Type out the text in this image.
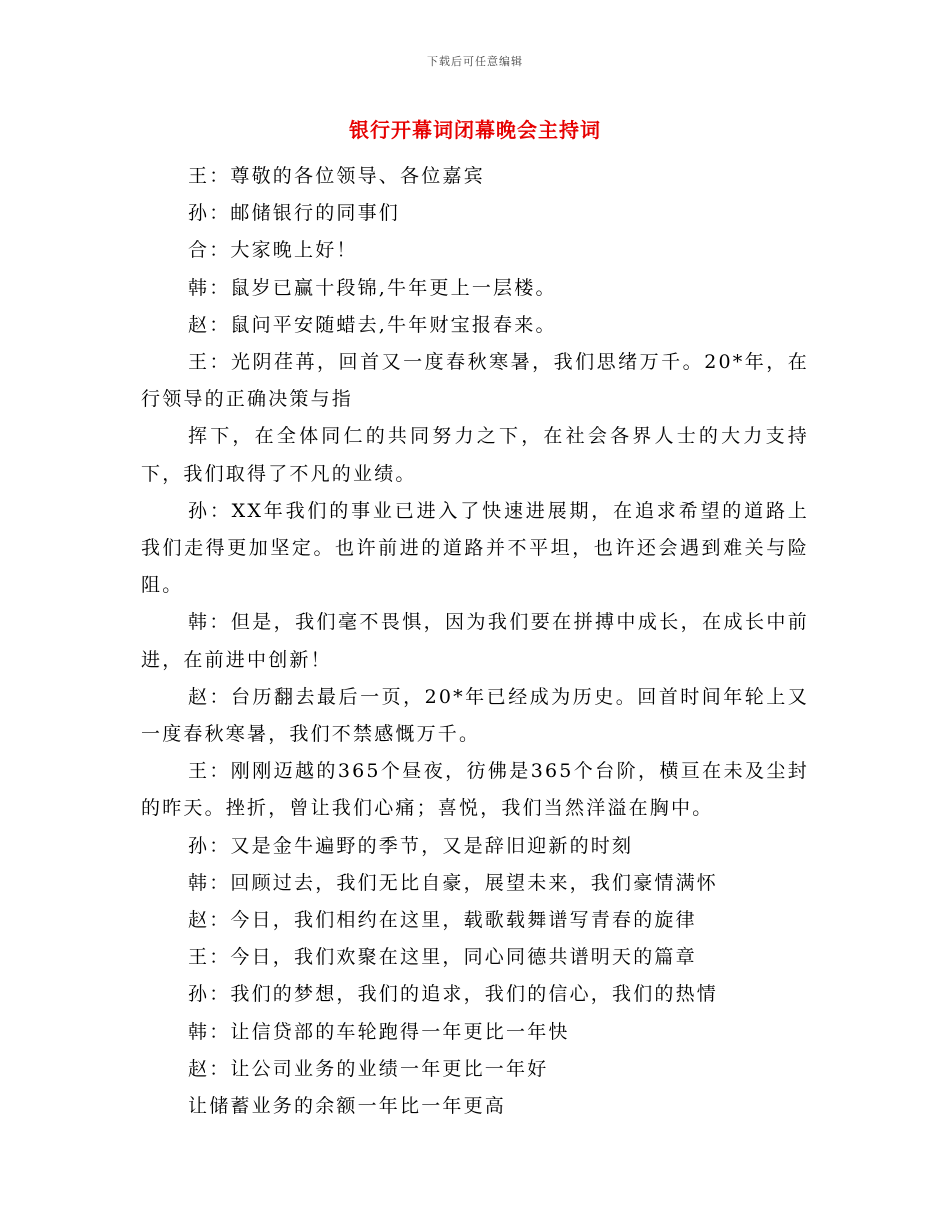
下载后可任意编辑
银行开幕词闭幕晚会主持词

王：尊敬的各位领导、各位嘉宾

孙：邮储银行的同事们

合：大家晚上好！

韩：鼠岁已赢十段锦,牛年更上一层楼。

赵：鼠问平安随蜡去,牛年财宝报春来。

王：光阴荏苒，回首又一度春秋寒暑，我们思绪万千。20*年，在行领导的正确决策与指

挥下，在全体同仁的共同努力之下，在社会各界人士的大力支持下，我们取得了不凡的业绩。

孙：XX年我们的事业已进入了快速进展期，在追求希望的道路上我们走得更加坚定。也许前进的道路并不平坦，也许还会遇到难关与险阻。

韩：但是，我们毫不畏惧，因为我们要在拼搏中成长，在成长中前进，在前进中创新！

赵：台历翻去最后一页，20*年已经成为历史。回首时间年轮上又一度春秋寒暑，我们不禁感慨万千。

王：刚刚迈越的365个昼夜，彷佛是365个台阶，横亘在未及尘封的昨天。挫折，曾让我们心痛；喜悦，我们当然洋溢在胸中。

孙：又是金牛遍野的季节，又是辞旧迎新的时刻

韩：回顾过去，我们无比自豪，展望未来，我们豪情满怀

赵：今日，我们相约在这里，载歌载舞谱写青春的旋律

王：今日，我们欢聚在这里，同心同德共谱明天的篇章

孙：我们的梦想，我们的追求，我们的信心，我们的热情

韩：让信贷部的车轮跑得一年更比一年快

赵：让公司业务的业绩一年更比一年好

让储蓄业务的余额一年比一年更高
